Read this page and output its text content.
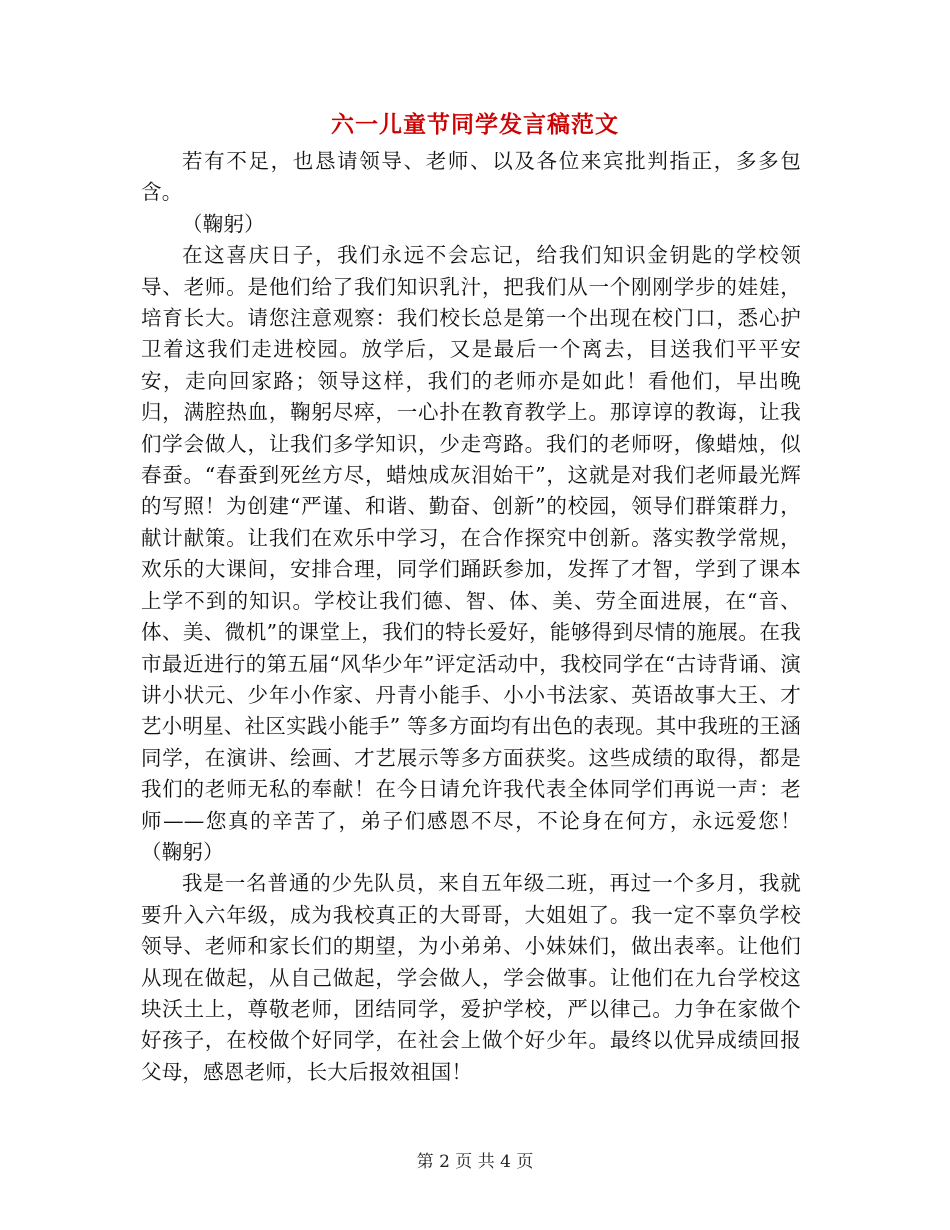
六一儿童节同学发言稿范文

若有不足，也恳请领导、老师、以及各位来宾批判指正，多多包含。

（鞠躬）

在这喜庆日子，我们永远不会忘记，给我们知识金钥匙的学校领导、老师。是他们给了我们知识乳汁，把我们从一个刚刚学步的娃娃，培育长大。请您注意观察：我们校长总是第一个出现在校门口，悉心护卫着这我们走进校园。放学后，又是最后一个离去，目送我们平平安安，走向回家路；领导这样，我们的老师亦是如此！看他们，早出晚归，满腔热血，鞠躬尽瘁，一心扑在教育教学上。那谆谆的教诲，让我们学会做人，让我们多学知识，少走弯路。我们的老师呀，像蜡烛，似春蚕。“春蚕到死丝方尽，蜡烛成灰泪始干”，这就是对我们老师最光辉的写照！为创建“严谨、和谐、勤奋、创新”的校园，领导们群策群力，献计献策。让我们在欢乐中学习，在合作探究中创新。落实教学常规，欢乐的大课间，安排合理，同学们踊跃参加，发挥了才智，学到了课本上学不到的知识。学校让我们德、智、体、美、劳全面进展，在“音、体、美、微机”的课堂上，我们的特长爱好，能够得到尽情的施展。在我市最近进行的第五届“风华少年”评定活动中，我校同学在“古诗背诵、演讲小状元、少年小作家、丹青小能手、小小书法家、英语故事大王、才艺小明星、社区实践小能手” 等多方面均有出色的表现。其中我班的王涵同学，在演讲、绘画、才艺展示等多方面获奖。这些成绩的取得，都是我们的老师无私的奉献！在今日请允许我代表全体同学们再说一声：老师——您真的辛苦了，弟子们感恩不尽，不论身在何方，永远爱您！（鞠躬）

我是一名普通的少先队员，来自五年级二班，再过一个多月，我就要升入六年级，成为我校真正的大哥哥，大姐姐了。我一定不辜负学校领导、老师和家长们的期望，为小弟弟、小妹妹们，做出表率。让他们从现在做起，从自己做起，学会做人，学会做事。让他们在九台学校这块沃土上，尊敬老师，团结同学，爱护学校，严以律己。力争在家做个好孩子，在校做个好同学，在社会上做个好少年。最终以优异成绩回报父母，感恩老师，长大后报效祖国！

第 2 页 共 4 页
